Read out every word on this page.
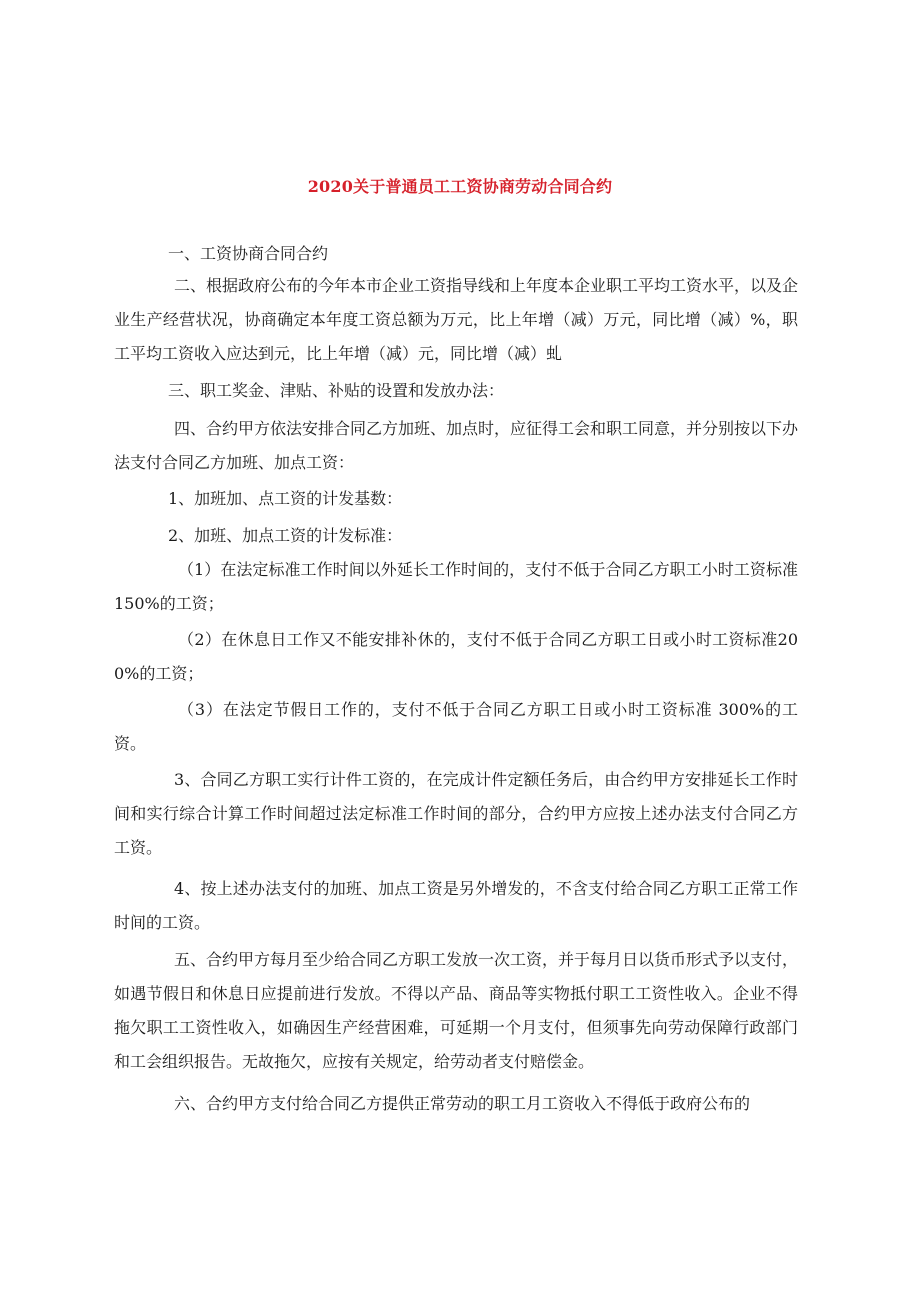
2020关于普通员工工资协商劳动合同合约

一、工资协商合同合约

二、根据政府公布的今年本市企业工资指导线和上年度本企业职工平均工资水平，以及企业生产经营状况，协商确定本年度工资总额为万元，比上年增（减）万元，同比增（减）%，职工平均工资收入应达到元，比上年增（减）元，同比增（减）虬

三、职工奖金、津贴、补贴的设置和发放办法：

四、合约甲方依法安排合同乙方加班、加点时，应征得工会和职工同意，并分别按以下办法支付合同乙方加班、加点工资：

1、加班加、点工资的计发基数：

2、加班、加点工资的计发标准：

（1）在法定标准工作时间以外延长工作时间的，支付不低于合同乙方职工小时工资标准 150%的工资；

（2）在休息日工作又不能安排补休的，支付不低于合同乙方职工日或小时工资标准200%的工资；

（3）在法定节假日工作的，支付不低于合同乙方职工日或小时工资标准 300%的工资。

3、合同乙方职工实行计件工资的，在完成计件定额任务后，由合约甲方安排延长工作时间和实行综合计算工作时间超过法定标准工作时间的部分，合约甲方应按上述办法支付合同乙方工资。

4、按上述办法支付的加班、加点工资是另外增发的，不含支付给合同乙方职工正常工作时间的工资。

五、合约甲方每月至少给合同乙方职工发放一次工资，并于每月日以货币形式予以支付，如遇节假日和休息日应提前进行发放。不得以产品、商品等实物抵付职工工资性收入。企业不得拖欠职工工资性收入，如确因生产经营困难，可延期一个月支付，但须事先向劳动保障行政部门和工会组织报告。无故拖欠，应按有关规定，给劳动者支付赔偿金。

六、合约甲方支付给合同乙方提供正常劳动的职工月工资收入不得低于政府公布的
